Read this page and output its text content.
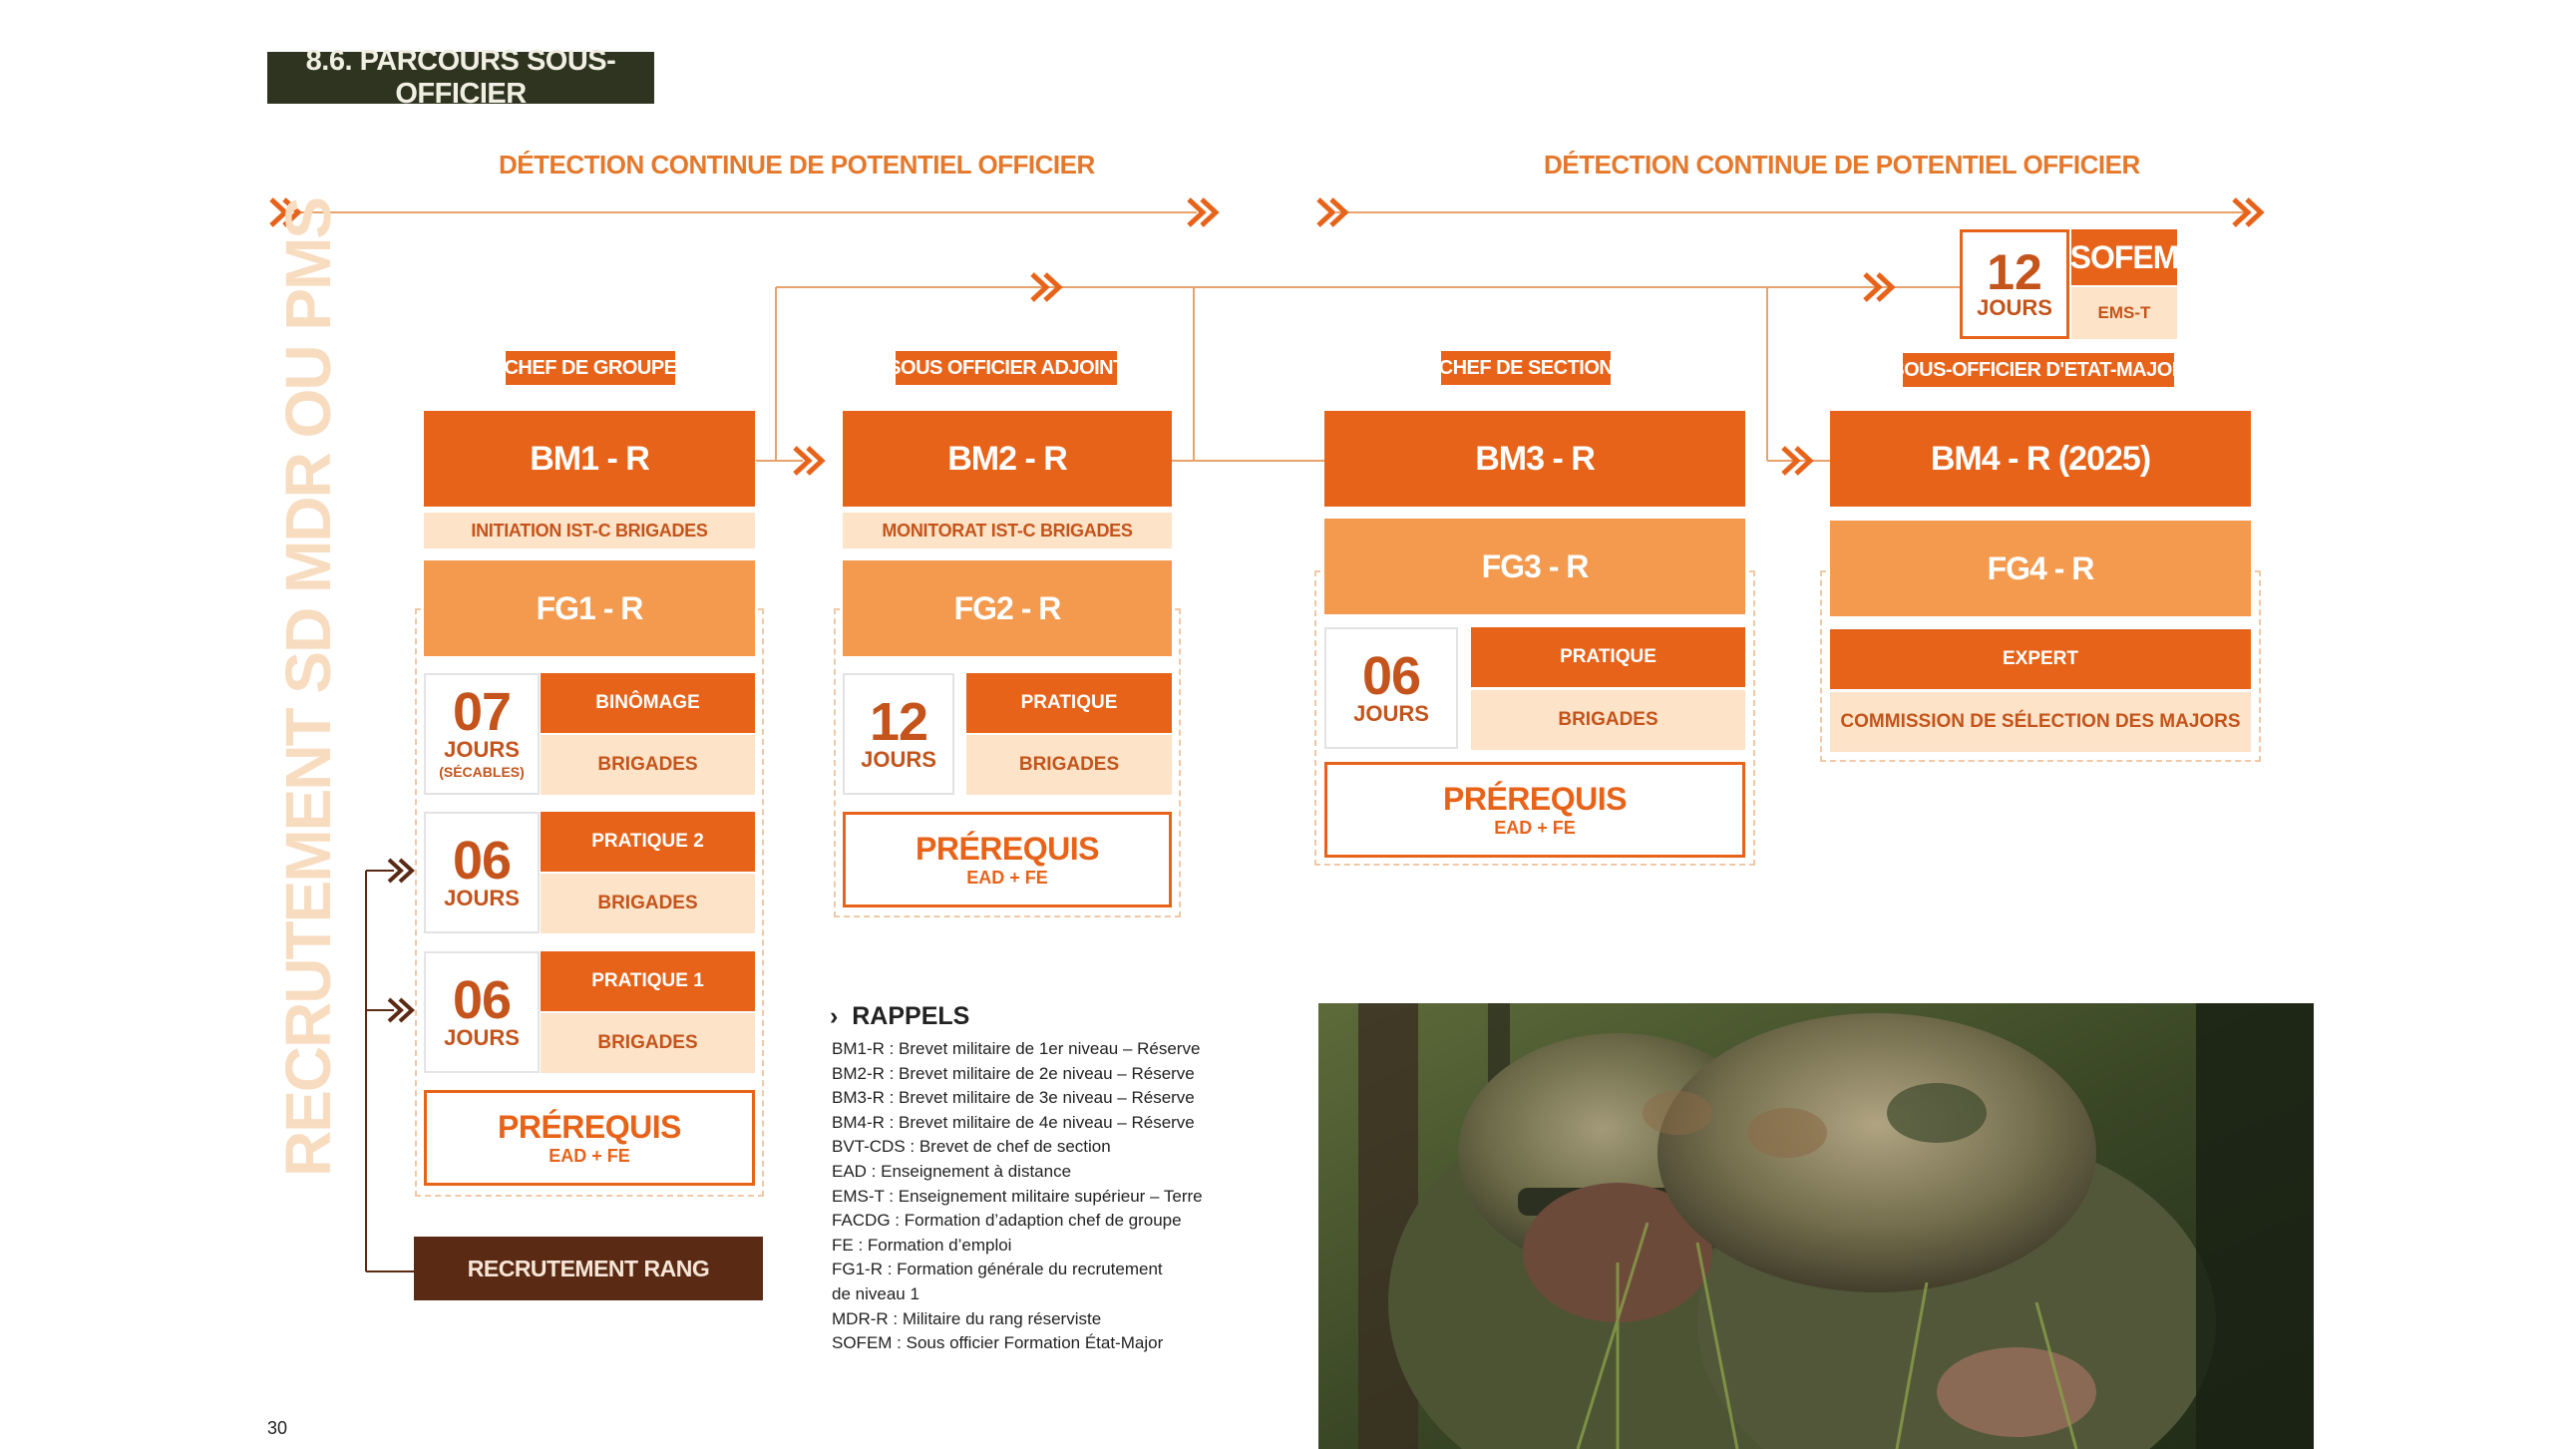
8.6. PARCOURS SOUS-OFFICIER
DÉTECTION CONTINUE DE POTENTIEL OFFICIER	DÉTECTION CONTINUE DE POTENTIEL OFFICIER
RECRUTEMENT SD MDR OU PMS	▸ CHEF DE GROUPE ◂
BM1 - R
INITIATION IST-C BRIGADES
FG1 - R
07
JOURS
(SÉCABLES)
BINÔMAGE
BRIGADES
06
JOURS
PRATIQUE 2
BRIGADES
06
JOURS
PRATIQUE 1
BRIGADES
PRÉREQUIS
EAD + FE
RECRUTEMENT RANG
▸ SOUS OFFICIER ADJOINT ◂
BM2 - R
MONITORAT IST-C BRIGADES
FG2 - R
12
JOURS
PRATIQUE
BRIGADES
PRÉREQUIS
EAD + FE
▸ CHEF DE SECTION ◂
BM3 - R
FG3 - R
06
JOURS
PRATIQUE
BRIGADES
PRÉREQUIS
EAD + FE
12
JOURS
SOFEM
EMS-T
▸ SOUS-OFFICIER D'ETAT-MAJOR ◂
BM4 - R (2025)
FG4 - R
EXPERT
COMMISSION DE SÉLECTION DES MAJORS
› RAPPELS
BM1-R : Brevet militaire de 1er niveau – Réserve
BM2-R : Brevet militaire de 2e niveau – Réserve
BM3-R : Brevet militaire de 3e niveau – Réserve
BM4-R : Brevet militaire de 4e niveau – Réserve
BVT-CDS : Brevet de chef de section
EAD : Enseignement à distance
EMS-T : Enseignement militaire supérieur – Terre
FACDG : Formation d’adaption chef de groupe
FE : Formation d’emploi
FG1-R : Formation générale du recrutement
de niveau 1
MDR-R : Militaire du rang réserviste
SOFEM : Sous officier Formation État-Major
30
